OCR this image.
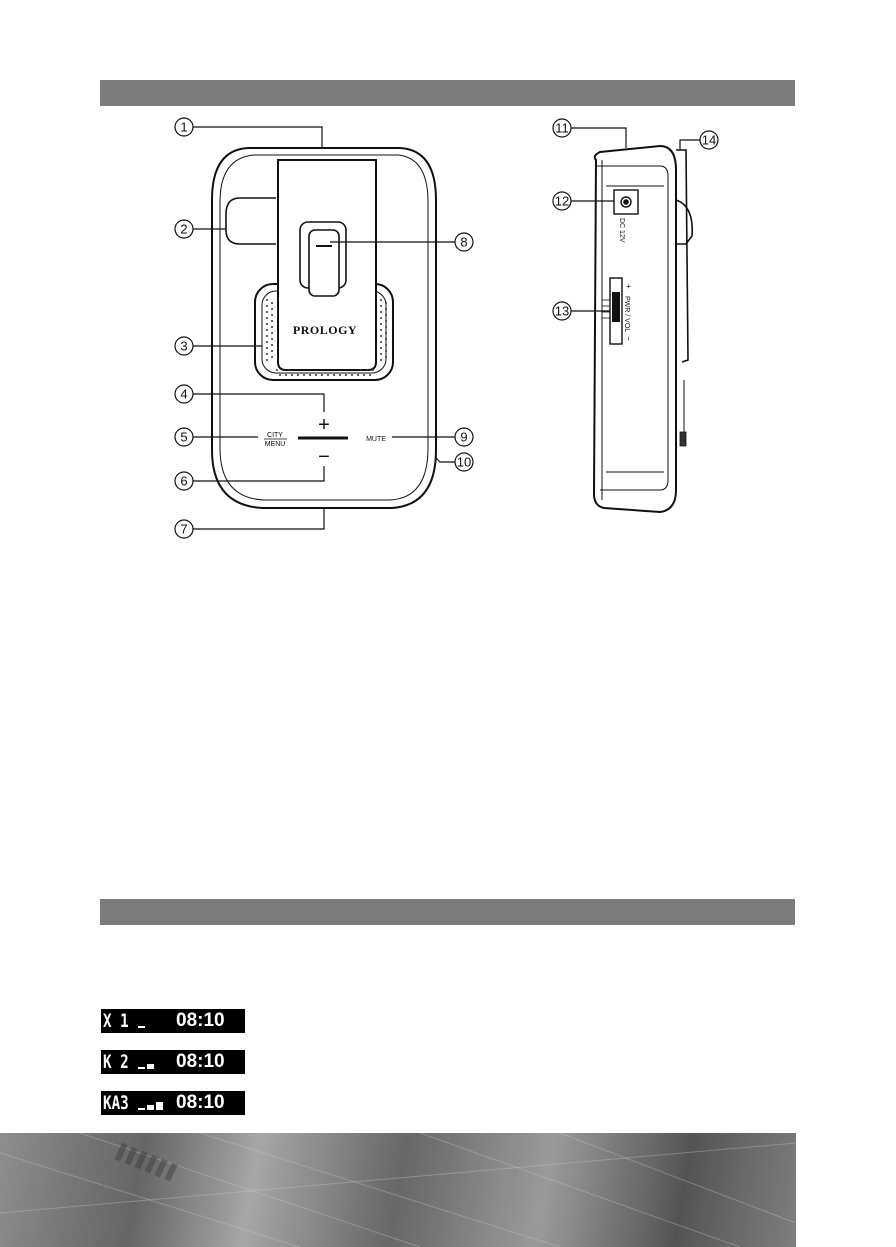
PROLOGY
+
−
CITY
MENU
MUTE
DC 12V
PWR / VOL
+
−
1
2
3
4
5
6
7
8
9
10
11
12
13
14
X 1 08:10
K 2 08:10
KA3 08:10
